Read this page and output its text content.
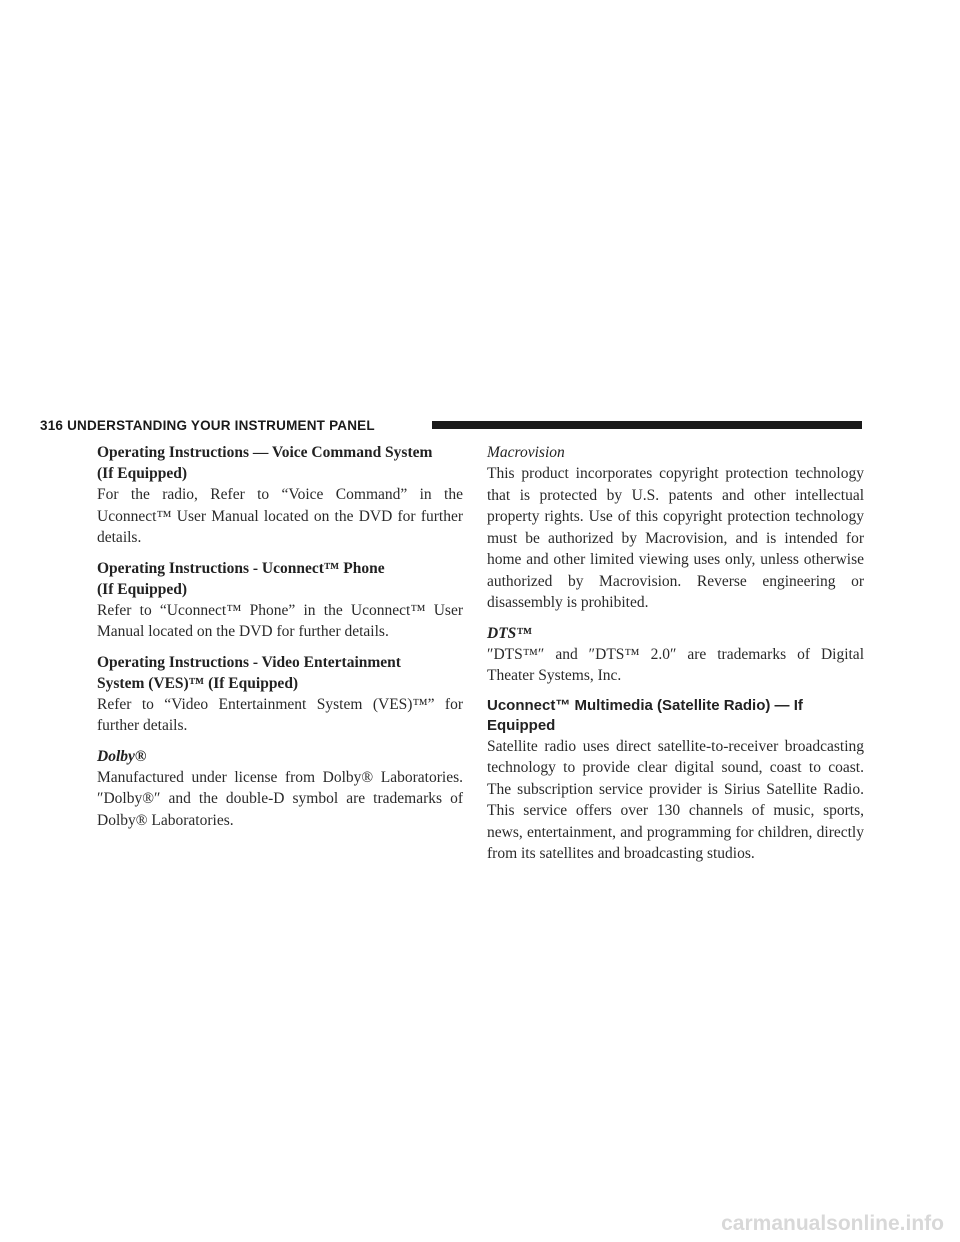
316 UNDERSTANDING YOUR INSTRUMENT PANEL
Operating Instructions — Voice Command System
(If Equipped)

For the radio, Refer to “Voice Command” in the Uconnect™ User Manual located on the DVD for further details.

Operating Instructions - Uconnect™ Phone
(If Equipped)

Refer to “Uconnect™ Phone” in the Uconnect™ User Manual located on the DVD for further details.

Operating Instructions - Video Entertainment
System (VES)™ (If Equipped)

Refer to “Video Entertainment System (VES)™” for further details.

Dolby®

Manufactured under license from Dolby® Laboratories. ″Dolby®″ and the double-D symbol are trademarks of Dolby® Laboratories.

Macrovision

This product incorporates copyright protection technology that is protected by U.S. patents and other intellectual property rights. Use of this copyright protection technology must be authorized by Macrovision, and is intended for home and other limited viewing uses only, unless otherwise authorized by Macrovision. Reverse engineering or disassembly is prohibited.

DTS™

″DTS™″ and ″DTS™ 2.0″ are trademarks of Digital Theater Systems, Inc.

Uconnect™ Multimedia (Satellite Radio) — If
Equipped

Satellite radio uses direct satellite-to-receiver broadcasting technology to provide clear digital sound, coast to coast. The subscription service provider is Sirius Satellite Radio. This service offers over 130 channels of music, sports, news, entertainment, and programming for children, directly from its satellites and broadcasting studios.

carmanualsonline.info
